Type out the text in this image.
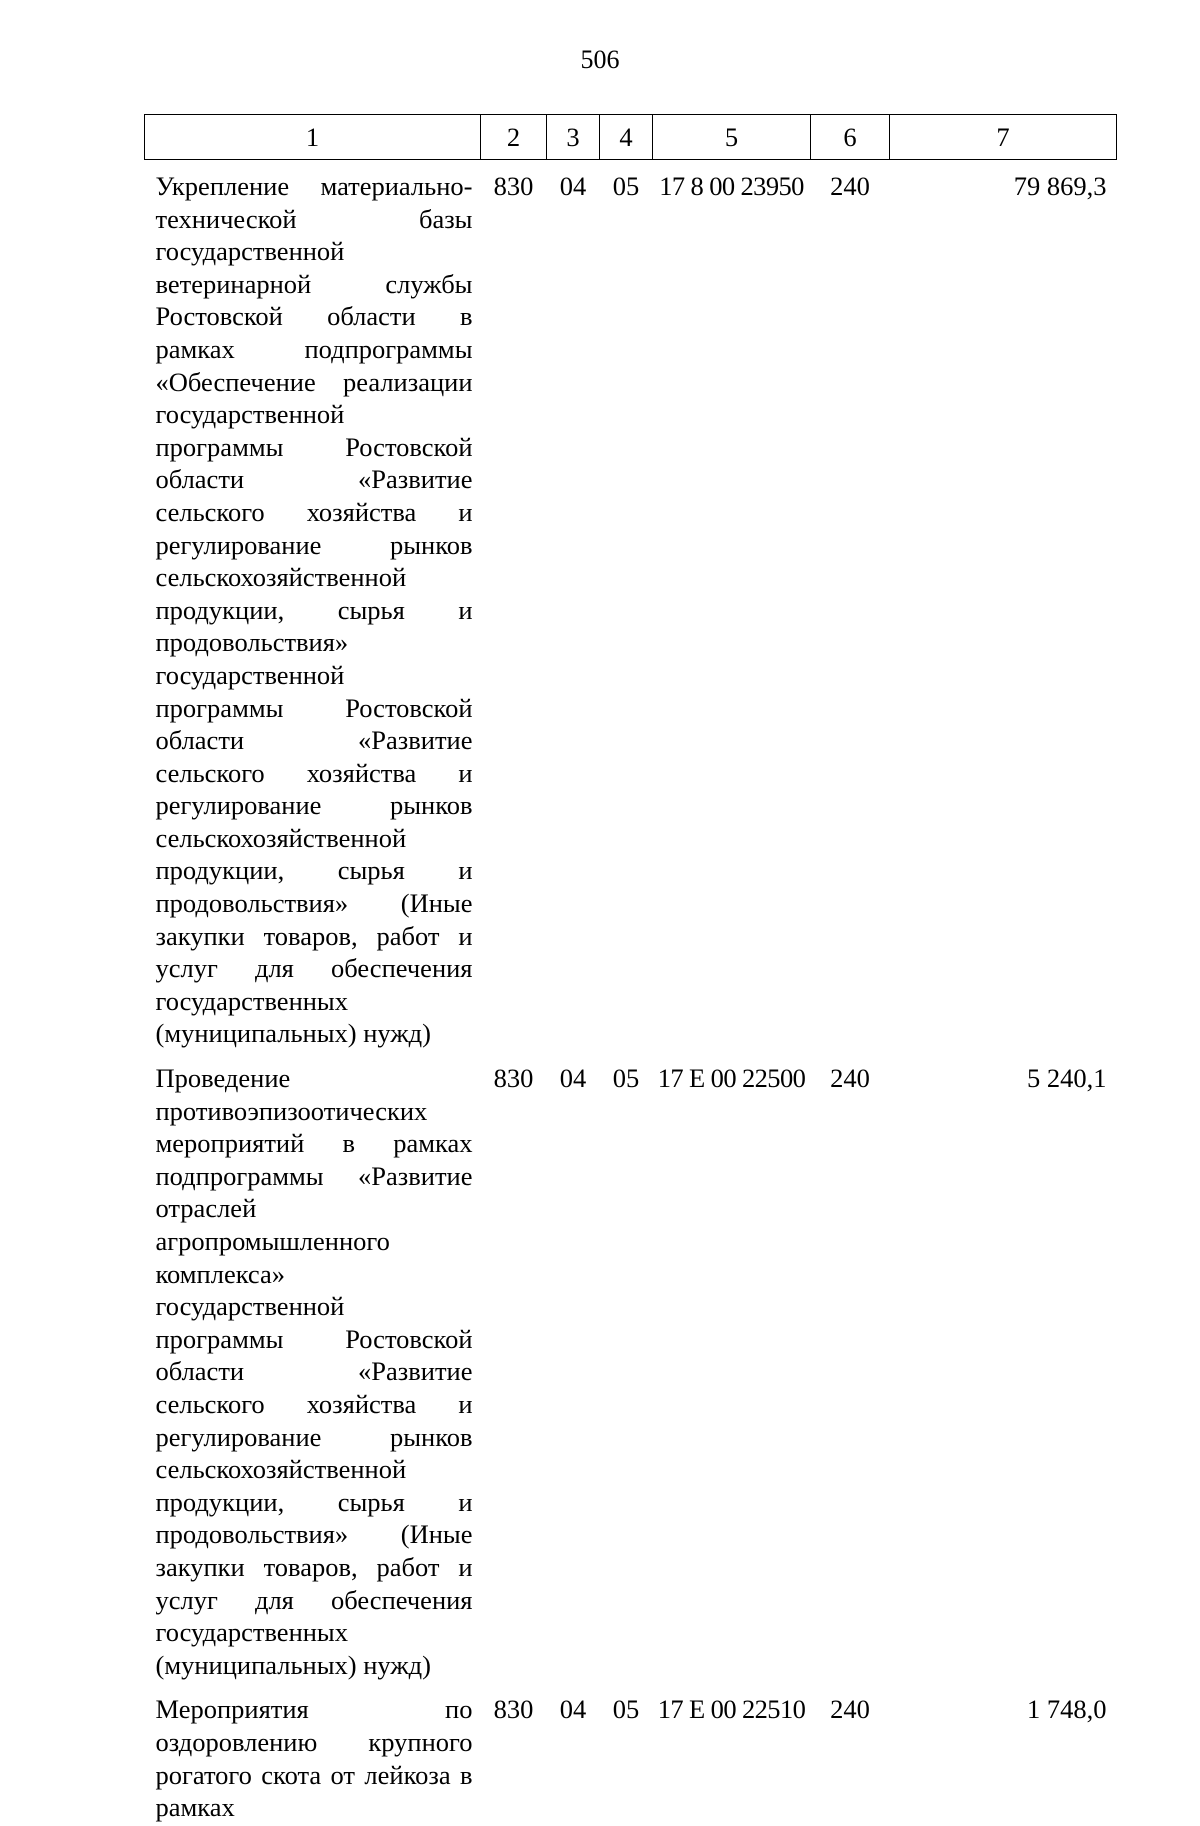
506
1	2	3	4	5	6	7
Укрепление материально-технической базы государственной ветеринарной службы Ростовской области в рамках подпрограммы «Обеспечение реализации государственной программы Ростовской области «Развитие сельского хозяйства и регулирование рынков сельскохозяйственной продукции, сырья и продовольствия» государственной программы Ростовской области «Развитие сельского хозяйства и регулирование рынков сельскохозяйственной продукции, сырья и продовольствия» (Иные закупки товаров, работ и услуг для обеспечения государственных (муниципальных) нужд)	830	04	05	17 8 00 23950	240	79 869,3
Проведение противоэпизоотических мероприятий в рамках подпрограммы «Развитие отраслей агропромышленного комплекса» государственной программы Ростовской области «Развитие сельского хозяйства и регулирование рынков сельскохозяйственной продукции, сырья и продовольствия» (Иные закупки товаров, работ и услуг для обеспечения государственных (муниципальных) нужд)	830	04	05	17 Е 00 22500	240	5 240,1
Мероприятия по оздоровлению крупного рогатого скота от лейкоза в рамках	830	04	05	17 Е 00 22510	240	1 748,0
